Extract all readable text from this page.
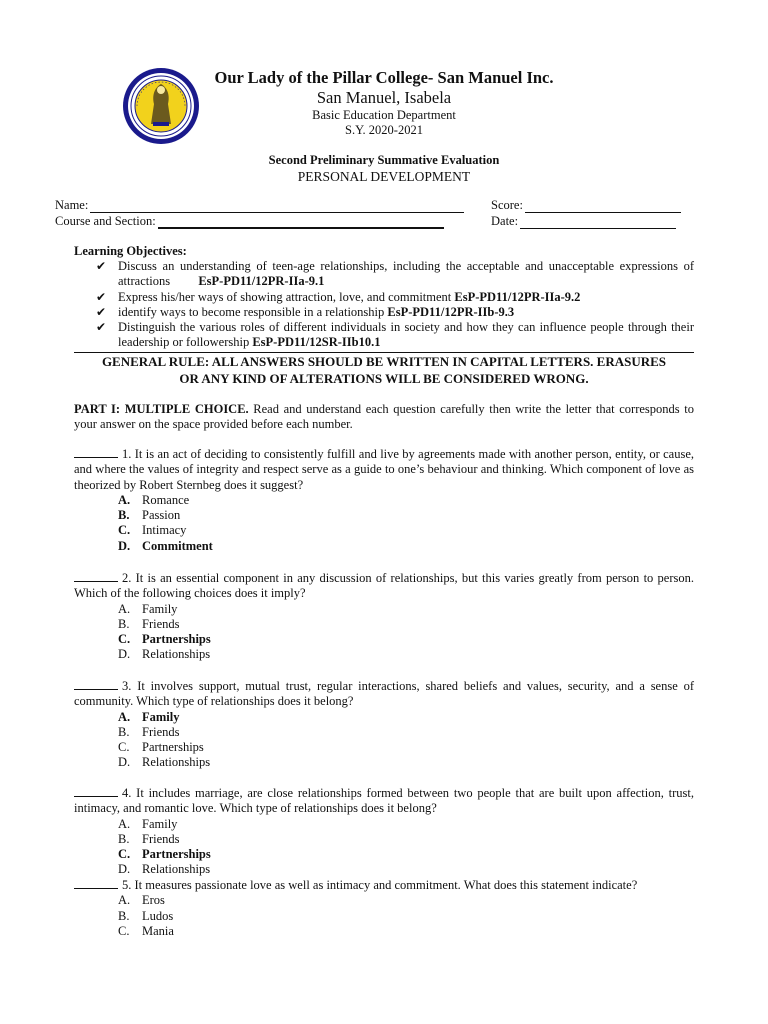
Our Lady of the Pillar College- San Manuel Inc.
San Manuel, Isabela
Basic Education Department
S.Y. 2020-2021
Second Preliminary Summative Evaluation
PERSONAL DEVELOPMENT
Name:	Score:
Course and Section:	Date:
Learning Objectives:
✔ Discuss an understanding of teen-age relationships, including the acceptable and unacceptable expressions of attractions EsP-PD11/12PR-IIa-9.1
✔ Express his/her ways of showing attraction, love, and commitment EsP-PD11/12PR-IIa-9.2
✔ identify ways to become responsible in a relationship EsP-PD11/12PR-IIb-9.3
✔ Distinguish the various roles of different individuals in society and how they can influence people through their leadership or followership EsP-PD11/12SR-IIb10.1
GENERAL RULE: ALL ANSWERS SHOULD BE WRITTEN IN CAPITAL LETTERS. ERASURES
OR ANY KIND OF ALTERATIONS WILL BE CONSIDERED WRONG.
PART I: MULTIPLE CHOICE. Read and understand each question carefully then write the letter that corresponds to your answer on the space provided before each number.

1. It is an act of deciding to consistently fulfill and live by agreements made with another person, entity, or cause, and where the values of integrity and respect serve as a guide to one’s behaviour and thinking. Which component of love as theorized by Robert Sternbeg does it suggest?

A. Romance
B. Passion
C. Intimacy
D. Commitment

2. It is an essential component in any discussion of relationships, but this varies greatly from person to person. Which of the following choices does it imply?

A. Family
B. Friends
C. Partnerships
D. Relationships

3. It involves support, mutual trust, regular interactions, shared beliefs and values, security, and a sense of community. Which type of relationships does it belong?

A. Family
B. Friends
C. Partnerships
D. Relationships

4. It includes marriage, are close relationships formed between two people that are built upon affection, trust, intimacy, and romantic love. Which type of relationships does it belong?

A. Family
B. Friends
C. Partnerships
D. Relationships

5. It measures passionate love as well as intimacy and commitment. What does this statement indicate?

A. Eros
B. Ludos
C. Mania
